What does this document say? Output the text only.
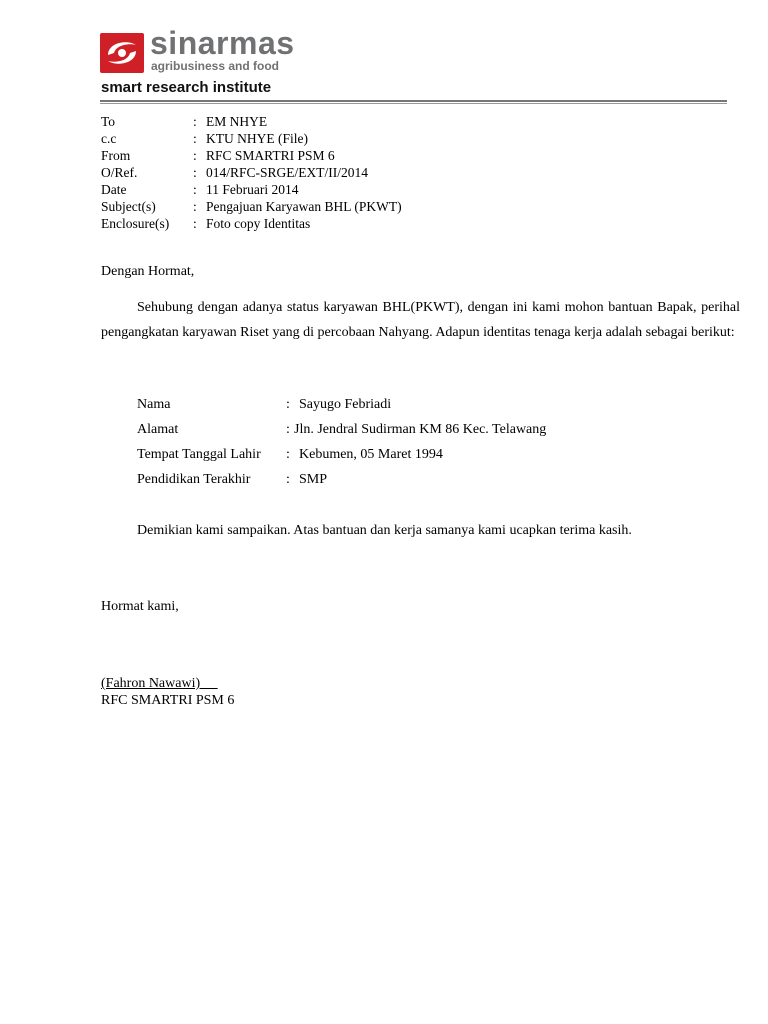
sinarmas
agribusiness and food
smart research institute
To	: EM NHYE
c.c	: KTU NHYE (File)
From	: RFC SMARTRI PSM 6
O/Ref.	: 014/RFC-SRGE/EXT/II/2014
Date	: 11 Februari 2014
Subject(s)	: Pengajuan Karyawan BHL (PKWT)
Enclosure(s) : Foto copy Identitas
Dengan Hormat,
Sehubung dengan adanya status karyawan BHL(PKWT), dengan ini kami mohon bantuan Bapak, perihal pengangkatan karyawan Riset yang di percobaan Nahyang. Adapun identitas tenaga kerja adalah sebagai berikut:
Nama	: Sayugo Febriadi
Alamat	: Jln. Jendral Sudirman KM 86 Kec. Telawang
Tempat Tanggal Lahir : Kebumen, 05 Maret 1994
Pendidikan Terakhir	: SMP
Demikian kami sampaikan. Atas bantuan dan kerja samanya kami ucapkan terima kasih.
Hormat kami,
(Fahron Nawawi)
RFC SMARTRI PSM 6
